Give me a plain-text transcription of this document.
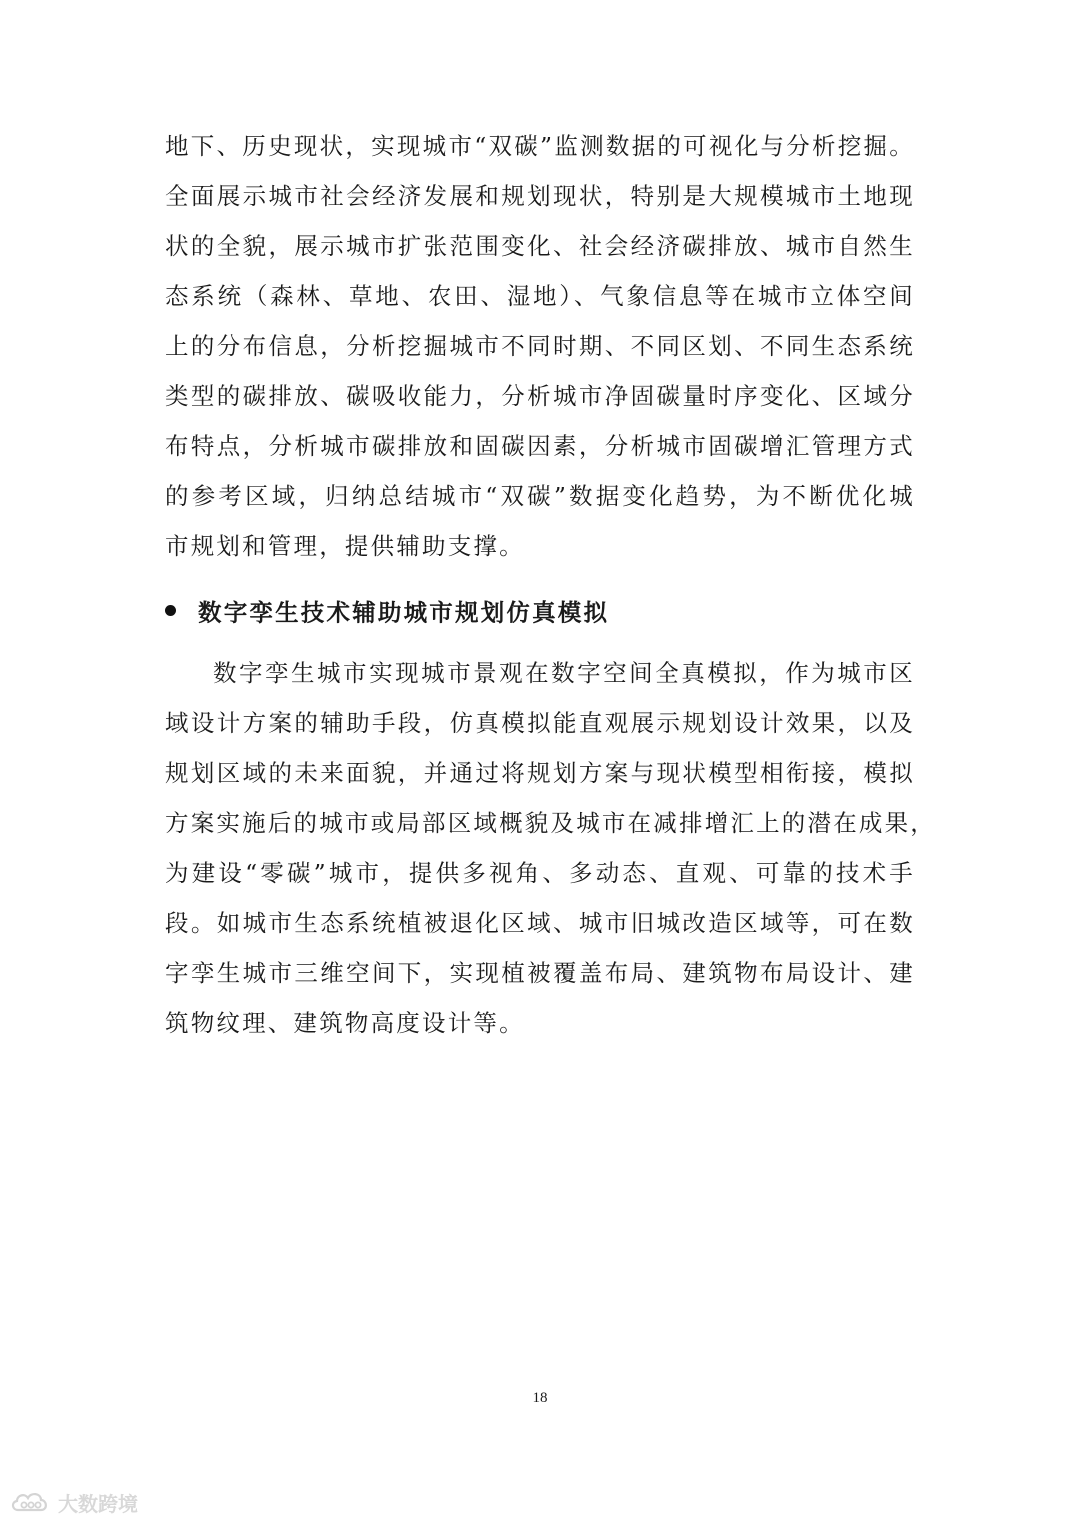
地下、历史现状，实现城市“双碳”监测数据的可视化与分析挖掘。
全面展示城市社会经济发展和规划现状，特别是大规模城市土地现
状的全貌，展示城市扩张范围变化、社会经济碳排放、城市自然生
态系统（森林、草地、农田、湿地）、气象信息等在城市立体空间
上的分布信息，分析挖掘城市不同时期、不同区划、不同生态系统
类型的碳排放、碳吸收能力，分析城市净固碳量时序变化、区域分
布特点，分析城市碳排放和固碳因素，分析城市固碳增汇管理方式
的参考区域，归纳总结城市“双碳”数据变化趋势，为不断优化城
市规划和管理，提供辅助支撑。
数字孪生技术辅助城市规划仿真模拟
数字孪生城市实现城市景观在数字空间全真模拟，作为城市区
域设计方案的辅助手段，仿真模拟能直观展示规划设计效果，以及
规划区域的未来面貌，并通过将规划方案与现状模型相衔接，模拟
方案实施后的城市或局部区域概貌及城市在减排增汇上的潜在成果，
为建设“零碳”城市，提供多视角、多动态、直观、可靠的技术手
段。如城市生态系统植被退化区域、城市旧城改造区域等，可在数
字孪生城市三维空间下，实现植被覆盖布局、建筑物布局设计、建
筑物纹理、建筑物高度设计等。
18
大数跨境
